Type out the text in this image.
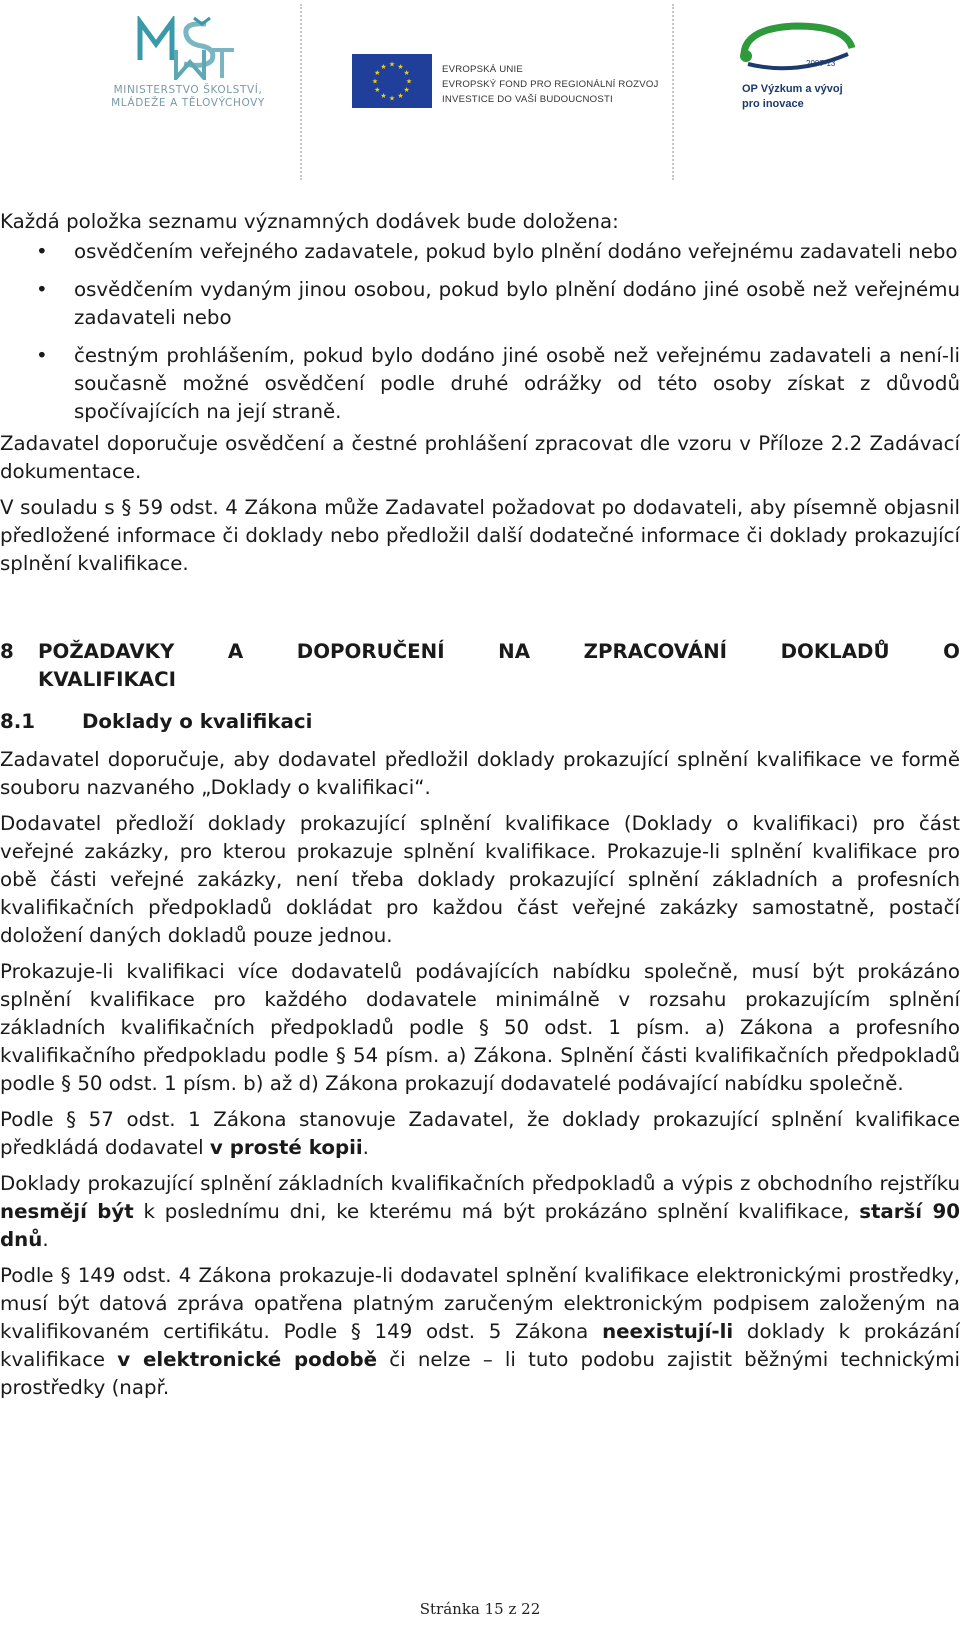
MINISTERSTVO ŠKOLSTVÍ,
MLÁDEŽE A TĚLOVÝCHOVY
★
★
★
★
★
★
★
★
★ ★ ★
★	EVROPSKÁ UNIE
EVROPSKÝ FOND PRO REGIONÁLNÍ ROZVOJ
INVESTICE DO VAŠÍ BUDOUCNOSTI
2007-13
OP Výzkum a vývoj
pro inovace

Každá položka seznamu významných dodávek bude doložena:

• osvědčením veřejného zadavatele, pokud bylo plnění dodáno veřejnému zadavateli nebo
• osvědčením vydaným jinou osobou, pokud bylo plnění dodáno jiné osobě než veřejnému zadavateli nebo
• čestným prohlášením, pokud bylo dodáno jiné osobě než veřejnému zadavateli a není-li současně možné osvědčení podle druhé odrážky od této osoby získat z důvodů spočívajících na její straně.

Zadavatel doporučuje osvědčení a čestné prohlášení zpracovat dle vzoru v Příloze 2.2 Zadávací dokumentace.

V souladu s § 59 odst. 4 Zákona může Zadavatel požadovat po dodavateli, aby písemně objasnil předložené informace či doklady nebo předložil další dodatečné informace či doklady prokazující splnění kvalifikace.

8 POŽADAVKY	A	DOPORUČENÍ	NA	ZPRACOVÁNÍ	DOKLADŮ	O
KVALIFIKACI
8.1	Doklady o kvalifikaci

Zadavatel doporučuje, aby dodavatel předložil doklady prokazující splnění kvalifikace ve formě souboru nazvaného „Doklady o kvalifikaci“.

Dodavatel předloží doklady prokazující splnění kvalifikace (Doklady o kvalifikaci) pro část veřejné zakázky, pro kterou prokazuje splnění kvalifikace. Prokazuje-li splnění kvalifikace pro obě části veřejné zakázky, není třeba doklady prokazující splnění základních a profesních kvalifikačních předpokladů dokládat pro každou část veřejné zakázky samostatně, postačí doložení daných dokladů pouze jednou.

Prokazuje-li kvalifikaci více dodavatelů podávajících nabídku společně, musí být prokázáno splnění kvalifikace pro každého dodavatele minimálně v rozsahu prokazujícím splnění základních kvalifikačních předpokladů podle § 50 odst. 1 písm. a) Zákona a profesního kvalifikačního předpokladu podle § 54 písm. a) Zákona. Splnění části kvalifikačních předpokladů podle § 50 odst. 1 písm. b) až d) Zákona prokazují dodavatelé podávající nabídku společně.

Podle § 57 odst. 1 Zákona stanovuje Zadavatel, že doklady prokazující splnění kvalifikace předkládá dodavatel v prosté kopii.

Doklady prokazující splnění základních kvalifikačních předpokladů a výpis z obchodního rejstříku nesmějí být k poslednímu dni, ke kterému má být prokázáno splnění kvalifikace, starší 90 dnů.

Podle § 149 odst. 4 Zákona prokazuje-li dodavatel splnění kvalifikace elektronickými prostředky, musí být datová zpráva opatřena platným zaručeným elektronickým podpisem založeným na kvalifikovaném certifikátu. Podle § 149 odst. 5 Zákona neexistují-li doklady k prokázání kvalifikace v elektronické podobě či nelze – li tuto podobu zajistit běžnými technickými prostředky (např.

Stránka 15 z 22
